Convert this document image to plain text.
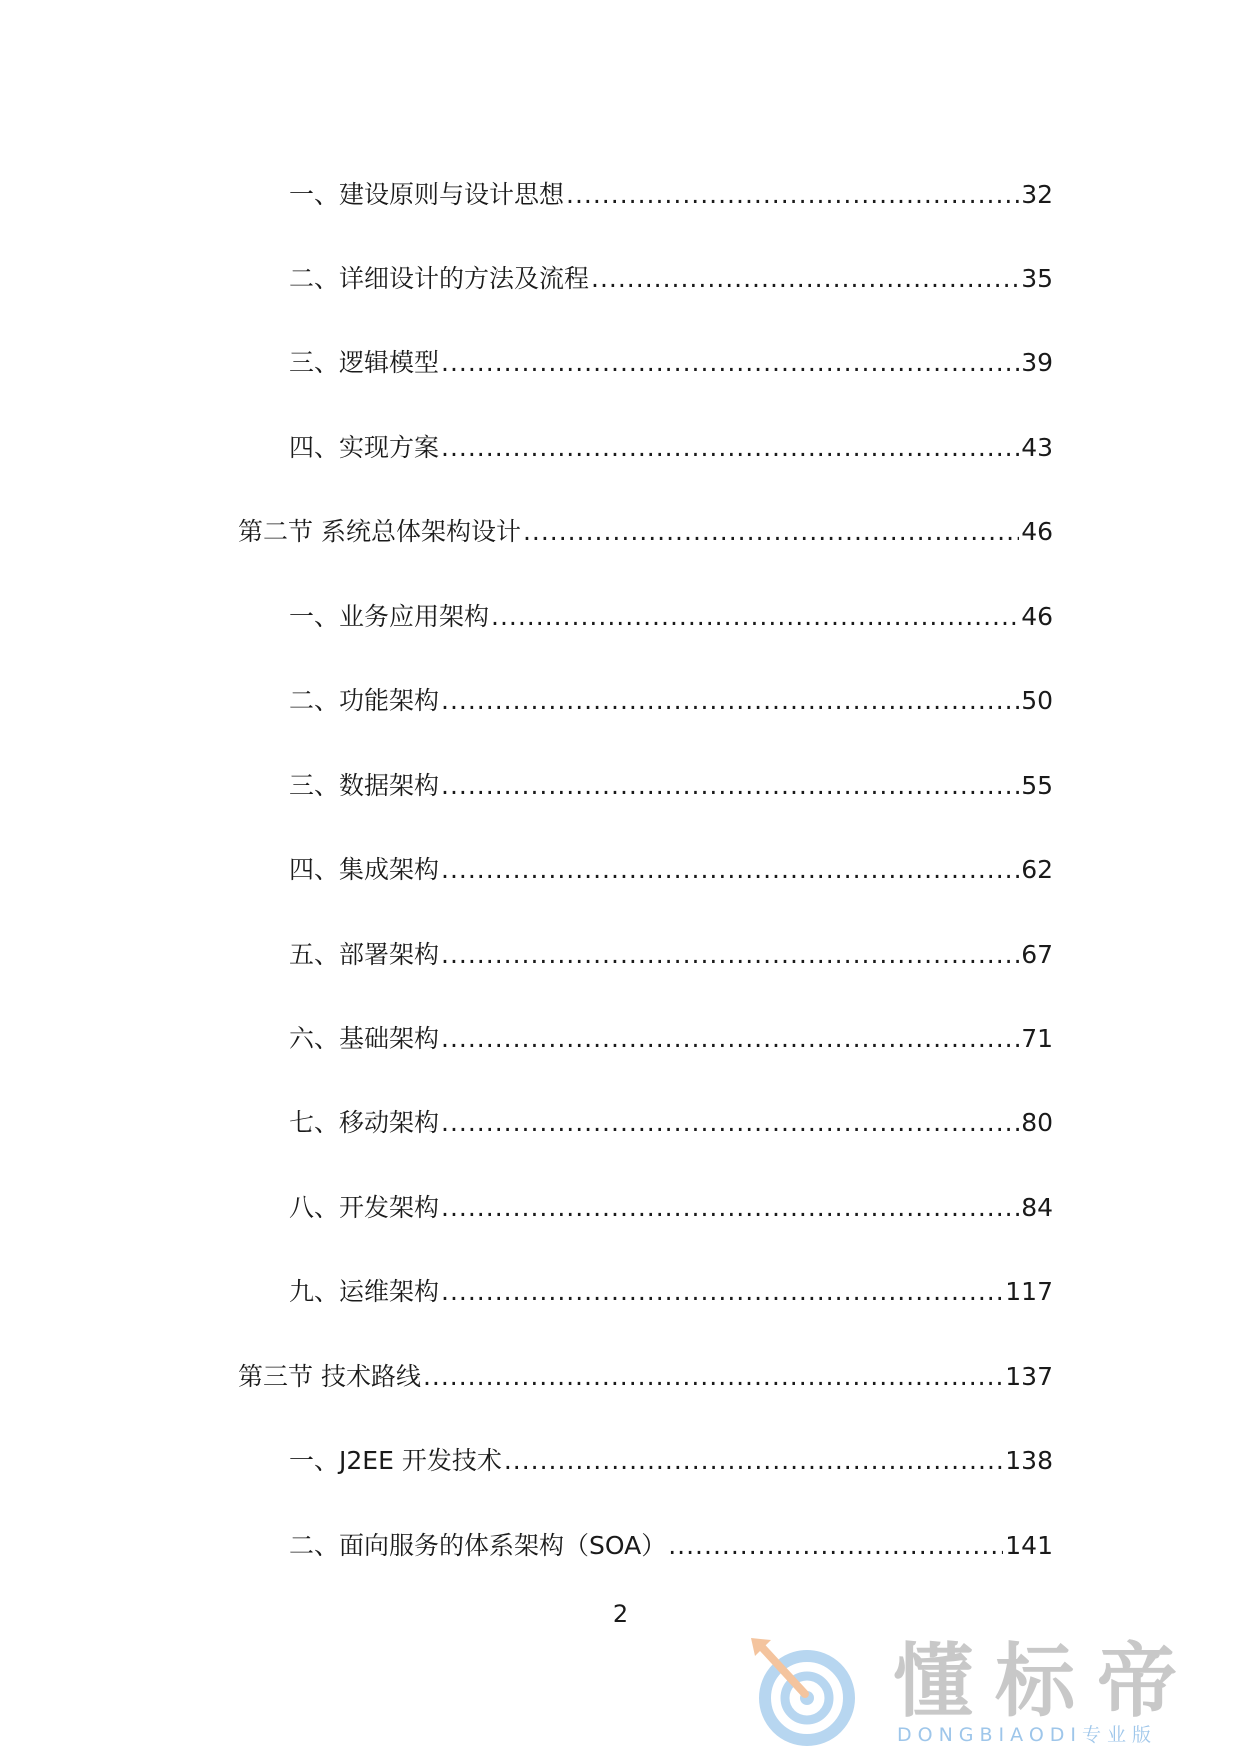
一、建设原则与设计思想 .....	32
二、详细设计的方法及流程 .....	35
三、逻辑模型 .....	39
四、实现方案 .....	43
第二节 系统总体架构设计 .....	46
一、业务应用架构 .....	46
二、功能架构 .....	50
三、数据架构 .....	55
四、集成架构 .....	62
五、部署架构 .....	67
六、基础架构 .....	71
七、移动架构 .....	80
八、开发架构 .....	84
九、运维架构 .....	117
第三节 技术路线 .....	137
一、J2EE 开发技术 .....	138
二、面向服务的体系架构（SOA） .....	141
2
懂标帝
DONGBIAODI专业版
